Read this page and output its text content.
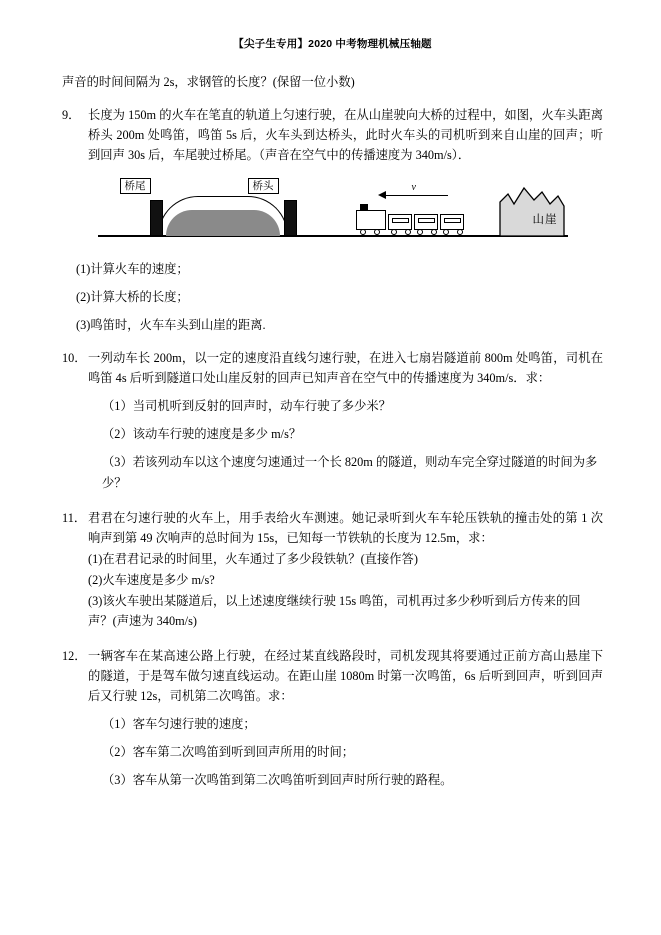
【尖子生专用】2020 中考物理机械压轴题

声音的时间间隔为 2s，求钢管的长度？(保留一位小数)

9． 长度为 150m 的火车在笔直的轨道上匀速行驶，在从山崖驶向大桥的过程中，如图，火车头距离桥头 200m 处鸣笛，鸣笛 5s 后，火车头到达桥头，此时火车头的司机听到来自山崖的回声；听到回声 30s 后，车尾驶过桥尾。（声音在空气中的传播速度为 340m/s）．

桥尾	桥头	v
山崖

(1)计算火车的速度；

(2)计算大桥的长度；

(3)鸣笛时，火车车头到山崖的距离.

10． 一列动车长 200m，以一定的速度沿直线匀速行驶，在进入七扇岩隧道前 800m 处鸣笛，司机在鸣笛 4s 后听到隧道口处山崖反射的回声已知声音在空气中的传播速度为 340m/s．求：

（1）当司机听到反射的回声时，动车行驶了多少米？

（2）该动车行驶的速度是多少 m/s？

（3）若该列动车以这个速度匀速通过一个长 820m 的隧道，则动车完全穿过隧道的时间为多少？

11． 君君在匀速行驶的火车上，用手表给火车测速。她记录听到火车车轮压铁轨的撞击处的第 1 次响声到第 49 次响声的总时间为 15s，已知每一节铁轨的长度为 12.5m，求：

(1)在君君记录的时间里，火车通过了多少段铁轨？(直接作答)

(2)火车速度是多少 m/s?

(3)该火车驶出某隧道后，以上述速度继续行驶 15s 鸣笛，司机再过多少秒听到后方传来的回声？(声速为 340m/s)

12． 一辆客车在某高速公路上行驶，在经过某直线路段时，司机发现其将要通过正前方高山悬崖下的隧道，于是驾车做匀速直线运动。在距山崖 1080m 时第一次鸣笛，6s 后听到回声，听到回声后又行驶 12s，司机第二次鸣笛。求：

（1）客车匀速行驶的速度；

（2）客车第二次鸣笛到听到回声所用的时间；

（3）客车从第一次鸣笛到第二次鸣笛听到回声时所行驶的路程。
